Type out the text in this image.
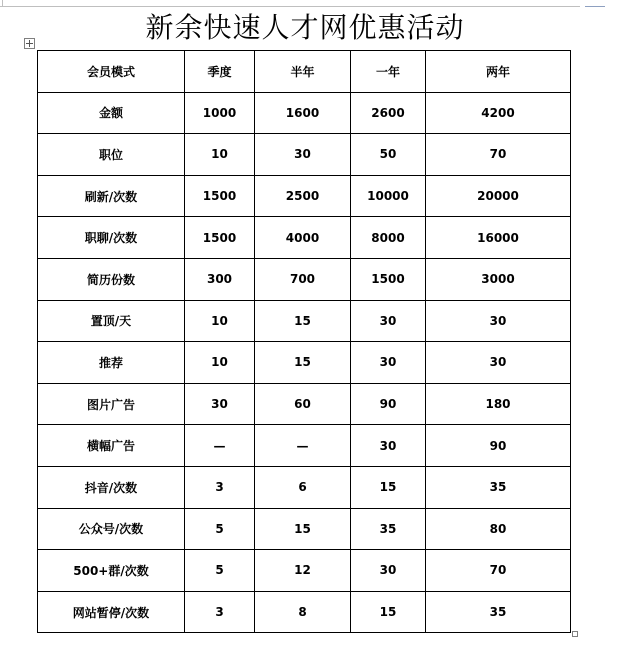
新余快速人才网优惠活动
会员模式	季度	半年	一年	两年
金额	1000	1600	2600	4200
职位	10	30	50	70
刷新/次数	1500	2500	10000	20000
职聊/次数	1500	4000	8000	16000
简历份数	300	700	1500	3000
置顶/天	10	15	30	30
推荐	10	15	30	30
图片广告	30	60	90	180
横幅广告	—	—	30	90
抖音/次数	3	6	15	35
公众号/次数	5	15	35	80
500+群/次数	5	12	30	70
网站暂停/次数	3	8	15	35
